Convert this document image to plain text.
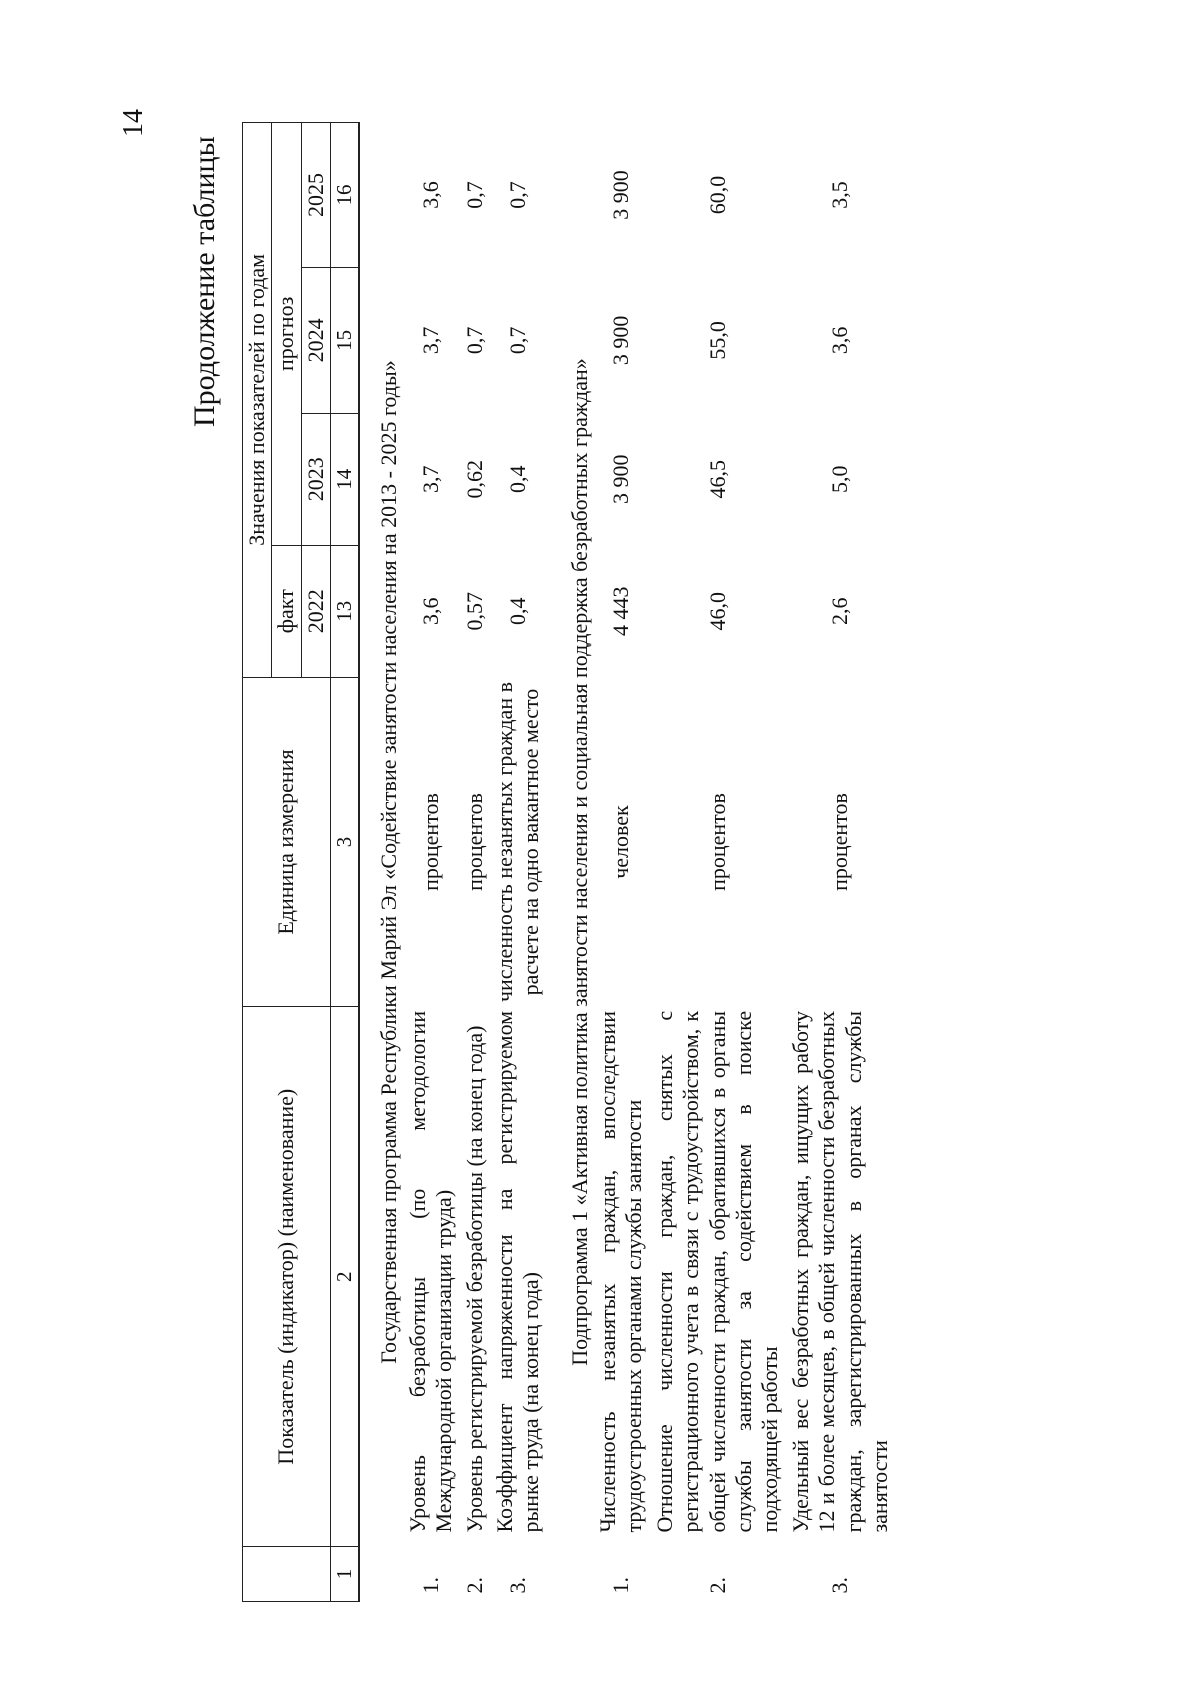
14
Продолжение таблицы
	Показатель (индикатор) (наименование)	Единица измерения	Значения показателей по годам			
			факт	прогноз		
			2022	2023	2024	2025
1	2	3	13	14	15	16
Государственная программа Республики Марий Эл «Содействие занятости населения на 2013 - 2025 годы»						
1.	Уровень безработицы (по методологии Международной организации труда)	процентов	3,6	3,7	3,7	3,6
2.	Уровень регистрируемой безработицы (на конец года)	процентов	0,57	0,62	0,7	0,7
3.	Коэффициент напряженности на регистрируемом рынке труда (на конец года)	численность незанятых граждан в расчете на одно вакантное место	0,4	0,4	0,7	0,7
Подпрограмма 1 «Активная политика занятости населения и социальная поддержка безработных граждан»						
1.	Численность незанятых граждан, впоследствии трудоустроенных органами службы занятости	человек	4 443	3 900	3 900	3 900
2.	Отношение численности граждан, снятых с регистрационного учета в связи с трудоустройством, к общей численности граждан, обратившихся в органы службы занятости за содействием в поиске подходящей работы	процентов	46,0	46,5	55,0	60,0
3.	Удельный вес безработных граждан, ищущих работу 12 и более месяцев, в общей численности безработных граждан, зарегистрированных в органах службы занятости	процентов	2,6	5,0	3,6	3,5
